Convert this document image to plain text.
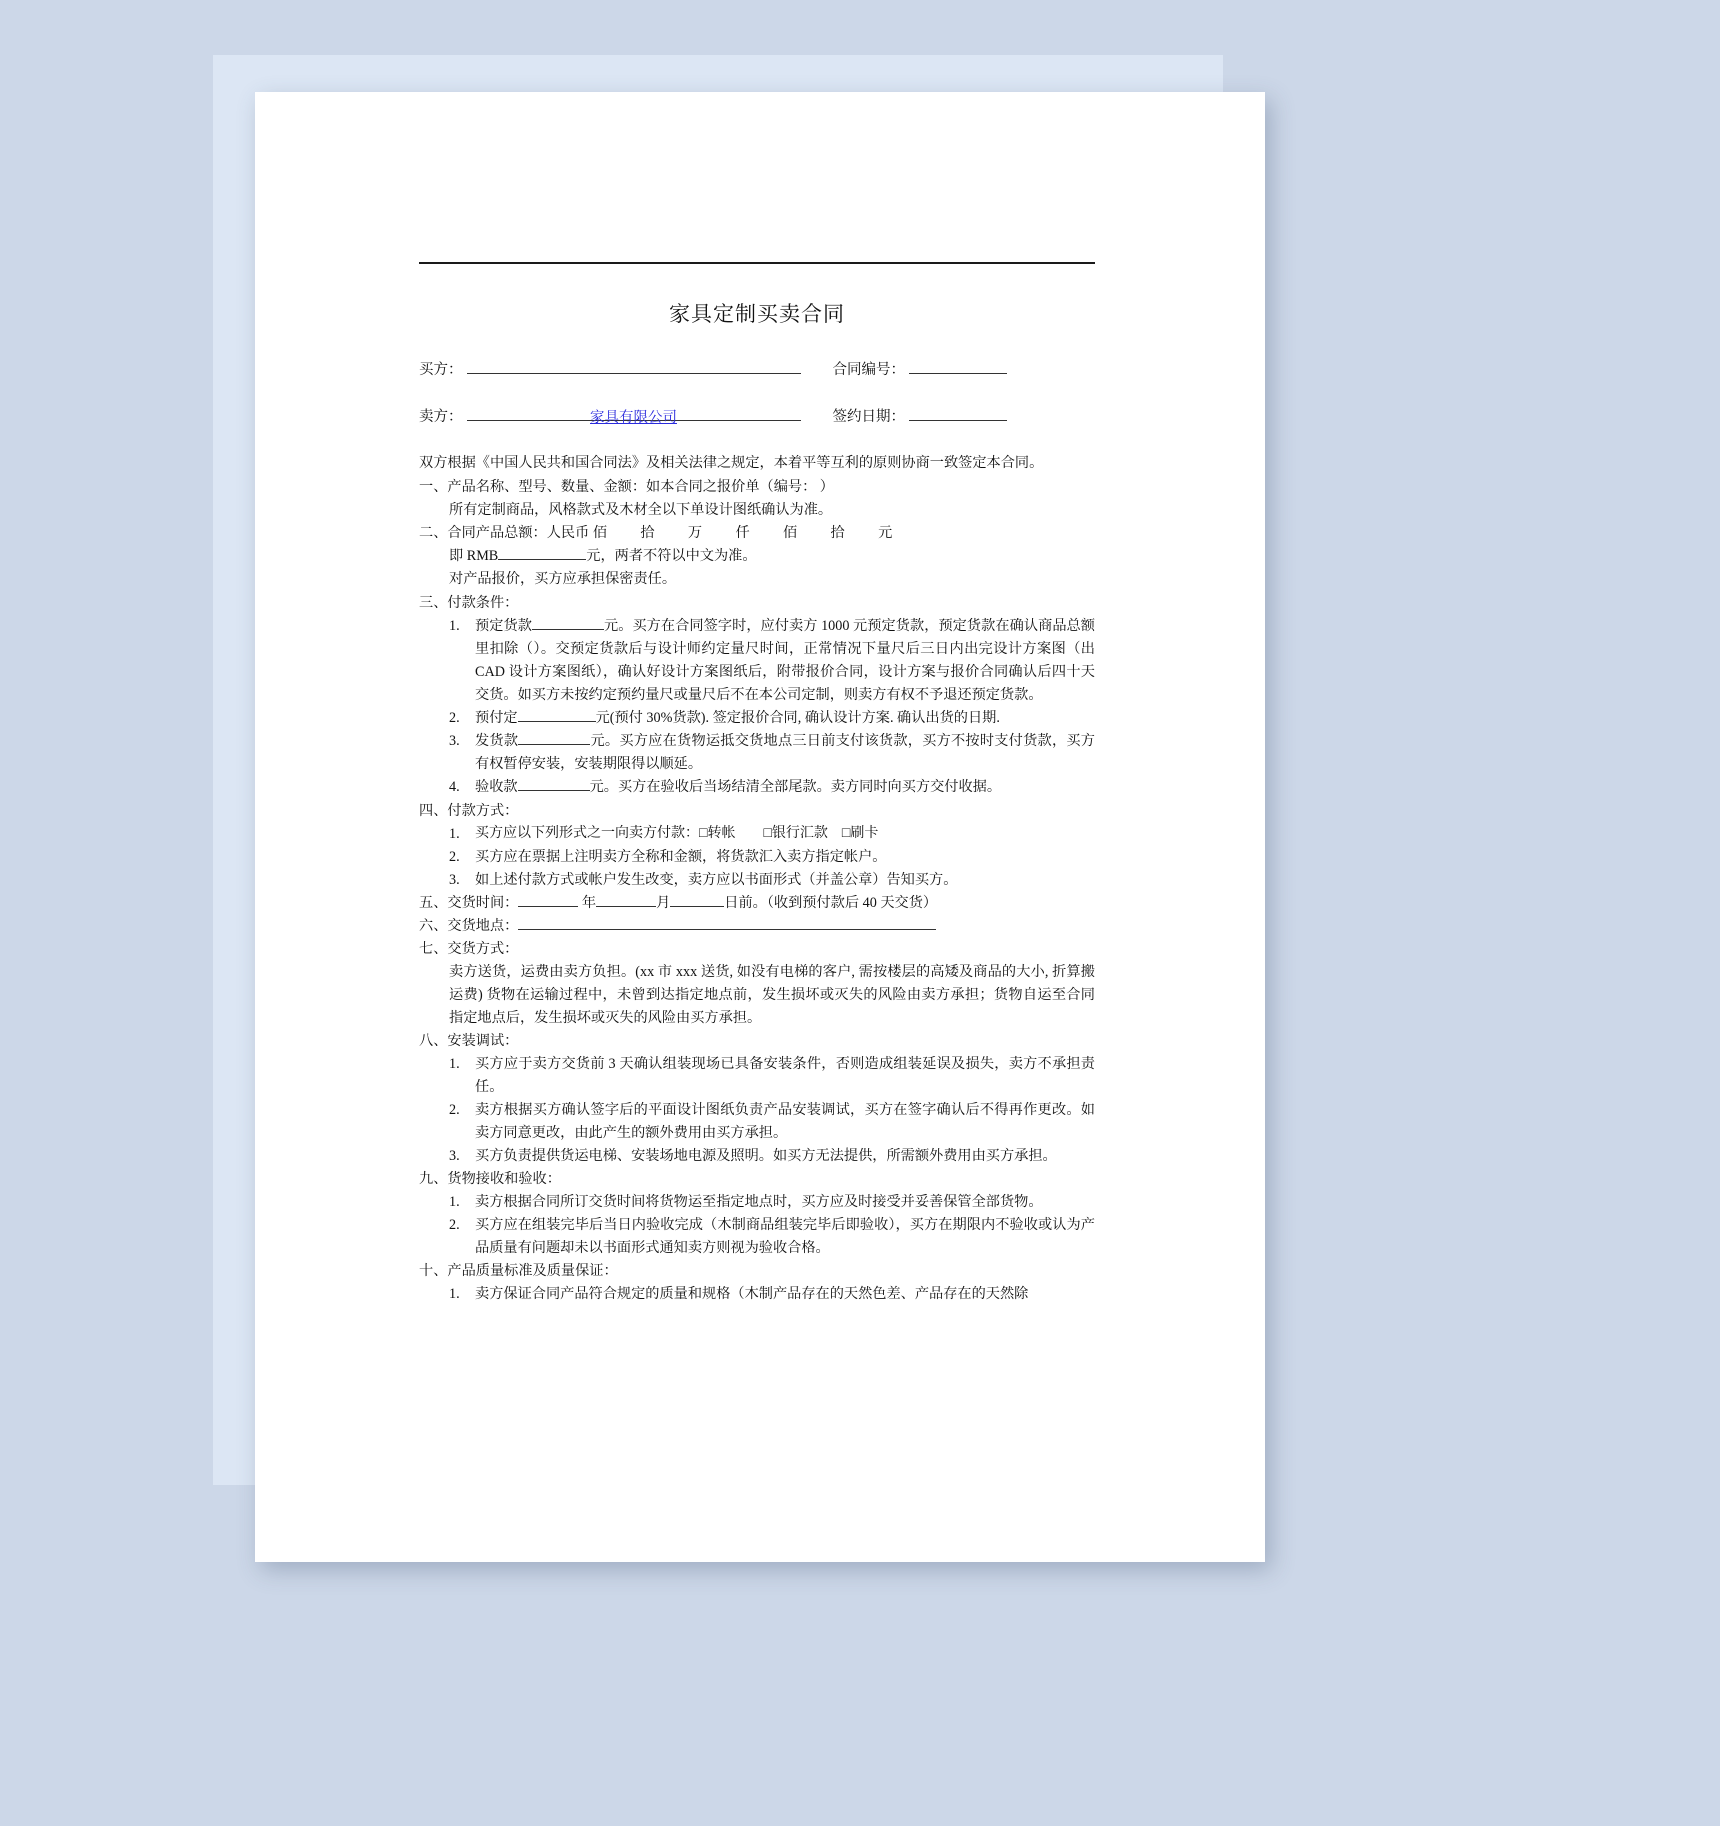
家具定制买卖合同
买方：	合同编号：
卖方：	家具有限公司	签约日期：

双方根据《中国人民共和国合同法》及相关法律之规定，本着平等互利的原则协商一致签定本合同。

一、产品名称、型号、数量、金额：如本合同之报价单（编号： ）

所有定制商品，风格款式及木材全以下单设计图纸确认为准。

二、合同产品总额：人民币 佰 拾 万 仟 佰 拾 元

即 RMB	元，两者不符以中文为准。

对产品报价，买方应承担保密责任。

三、付款条件：

1.	预定货款	元。买方在合同签字时，应付卖方 1000 元预定货款，预定货款在确认商品总额里扣除（）。交预定货款后与设计师约定量尺时间，正常情况下量尺后三日内出完设计方案图（出 CAD 设计方案图纸），确认好设计方案图纸后，附带报价合同，设计方案与报价合同确认后四十天交货。如买方未按约定预约量尺或量尺后不在本公司定制，则卖方有权不予退还预定货款。
2.	预付定	元(预付 30%货款). 签定报价合同, 确认设计方案. 确认出货的日期.
3.	发货款	元。买方应在货物运抵交货地点三日前支付该货款，买方不按时支付货款，买方有权暂停安装，安装期限得以顺延。
4.	验收款	元。买方在验收后当场结清全部尾款。卖方同时向买方交付收据。

四、付款方式：

1.	买方应以下列形式之一向卖方付款：□转帐　　□银行汇款　□刷卡
2.	买方应在票据上注明卖方全称和金额，将货款汇入卖方指定帐户。
3.	如上述付款方式或帐户发生改变，卖方应以书面形式（并盖公章）告知买方。

五、交货时间：	年	月	日前。（收到预付款后 40 天交货）

六、交货地点：

七、交货方式：

卖方送货，运费由卖方负担。(xx 市 xxx 送货, 如没有电梯的客户, 需按楼层的高矮及商品的大小, 折算搬运费) 货物在运输过程中，未曾到达指定地点前，发生损坏或灭失的风险由卖方承担；货物自运至合同指定地点后，发生损坏或灭失的风险由买方承担。

八、安装调试：

1.	买方应于卖方交货前 3 天确认组装现场已具备安装条件，否则造成组装延误及损失，卖方不承担责任。
2.	卖方根据买方确认签字后的平面设计图纸负责产品安装调试，买方在签字确认后不得再作更改。如卖方同意更改，由此产生的额外费用由买方承担。
3.	买方负责提供货运电梯、安装场地电源及照明。如买方无法提供，所需额外费用由买方承担。

九、货物接收和验收：

1.	卖方根据合同所订交货时间将货物运至指定地点时，买方应及时接受并妥善保管全部货物。
2.	买方应在组装完毕后当日内验收完成（木制商品组装完毕后即验收），买方在期限内不验收或认为产品质量有问题却未以书面形式通知卖方则视为验收合格。

十、产品质量标准及质量保证：

1.	卖方保证合同产品符合规定的质量和规格（木制产品存在的天然色差、产品存在的天然除
